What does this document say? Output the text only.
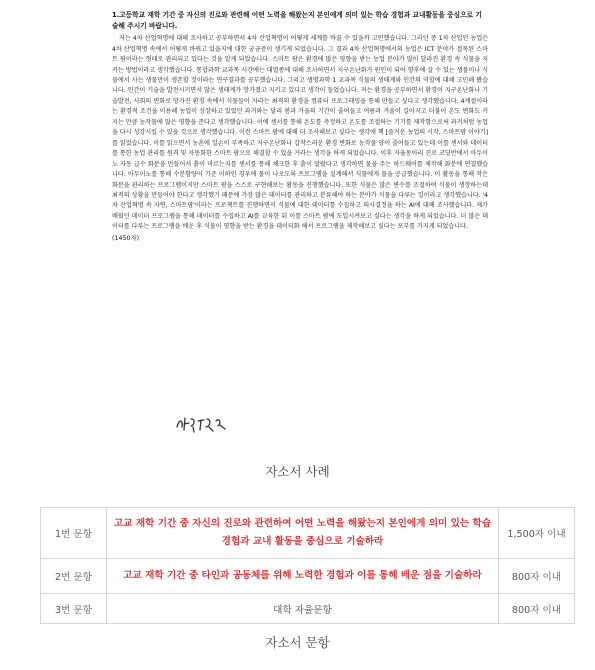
1.고등학교 재학 기간 중 자신의 진로와 관련해 어떤 노력을 해왔는지 본인에게 의미 있는 학습 경험과 교내활동을 중심으로 기술해 주시기 바랍니다.

저는 4차 산업혁명에 대해 조사하고 공부하면서 4차 산업혁명이 어떻게 세계를 바꿀 수 있을까 고민했습니다. 그러던 중 1차 산업인 농업은 4차 산업혁명 속에서 어떻게 바뀌고 있을지에 대한 궁금증이 생기게 되었습니다. 그 결과 4차 산업혁명에서의 농업은 ICT 분야가 접목된 스마트 팜이라는 형태로 관리되고 있다는 것을 알게 되었습니다. 스마트 팜은 환경에 많은 영향을 받는 농업 분야가 많이 달라진 환경 속 식물을 지키는 방법이라고 생각했습니다. 통합과학 교과목 시간에는 대멸종에 대해 조사하면서 지구온난화가 원인이 되어 향후에 살 수 있는 생물이나 식물에서 사는 생물만이 생존할 것이라는 연구결과를 공부했습니다. 그리고 생명과학 1 교과목 식물의 생태계와 인간의 역할에 대해 고민해 봤습니다. 인간이 기술을 발전시키면서 많은 생태계가 망가졌고 지키고 있다고 생각이 들었습니다. 저는 환경을 공부하면서 환경이 지구온난화나 기술발전, 사회의 변화로 망가진 환경 속에서 식물들이 자라는 최적의 환경을 컴퓨터 프로그래밍을 통해 만들고 싶다고 생각했습니다. 4계절이라는 환경적 조건을 이용해 농업이 성장하고 있었던 과거와는 달리 봄과 가을의 기간이 줄어들고 여름과 겨울이 길어지고 더불어 온도 변화도 커지는 만큼 농작물에 많은 영향을 준다고 생각했습니다. 이에 센서를 통해 온도를 측정하고 온도를 조절하는 기기를 제작함으로써 과거처럼 농업을 다시 성장시킬 수 있을 것으로 생각했습니다. 이런 스마트 팜에 대해 더 조사해보고 싶다는 생각에 책 [즐거운 농업의 시작, 스마트팜 이야기]를 읽었습니다. 이를 읽으면서 농촌에 일손이 부족하고 지구온난화나 갑작스러운 환경 변화로 농작물 양이 줄어들고 있는데 이를 센서와 데이터를 통한 농업 관리를 원격 및 자동화한 스마트 팜으로 해결할 수 있을 거라는 생각을 하게 되었습니다. 이후 자율동아리 진로 코딩반에서 아두이노 자동 급수 화분을 만들어서 흙이 마르는지를 센서를 통해 체크한 후 흙이 말랐다고 생각하면 물을 주는 하드웨어를 제작해 화분에 연결했습니다. 아두이노를 통해 수분함량이 기준 이하인 경우에 물이 나오도록 프로그램을 설계해서 식물에게 물을 공급했습니다. 이 활동을 통해 작은 화분을 관리하는 프로그램이지만 스마트 팜을 스스로 구현해보는 활동을 진행했습니다. 또한 식물은 많은 변수를 조절하여 식물이 생장하는데 최적의 상황을 만들어야 한다고 생각했기 때문에 가장 많은 데이터를 관리하고 분류해야 하는 분야가 식물을 다루는 일이라고 생각했습니다. '4차 산업혁명 속 자연, 스마트팜'이라는 프로젝트를 진행하면서 식물에 대한 데이터를 수집하고 의사결정을 하는 AI에 대해 조사했습니다. 제가 배웠던 데이터 프로그램을 통해 데이터를 수집하고 AI를 교육한 뒤 이를 스마트 팜에 도입시켜보고 싶다는 생각을 하게 되었습니다. 더 많은 데이터를 다루는 프로그램을 배운 후 식물이 영향을 받는 환경을 데이터화 해서 프로그램을 제작해보고 싶다는 포부를 가지게 되었습니다.

(1450자)
자소서 사례
1번 문항	고교 재학 기간 중 자신의 진로와 관련하여 어떤 노력을 해왔는지 본인에게 의미 있는 학습경험과 교내 활동을 중심으로 기술하라	1,500자 이내
2번 문항	고교 재학 기간 중 타인과 공동체를 위해 노력한 경험과 이를 통해 배운 점을 기술하라	800자 이내
3번 문항	대학 자율문항	800자 이내
자소서 문항
